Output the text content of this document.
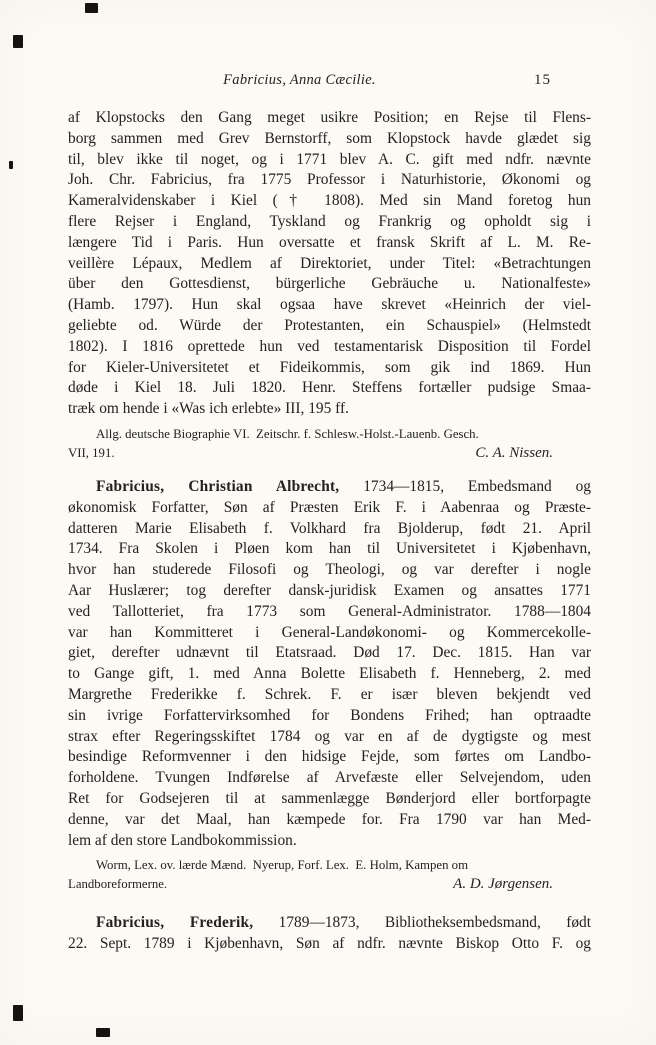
Fabricius, Anna Cæcilie.	15
af Klopstocks den Gang meget usikre Position; en Rejse til Flens-
borg sammen med Grev Bernstorff, som Klopstock havde glædet sig
til, blev ikke til noget, og i 1771 blev A. C. gift med ndfr. nævnte
Joh. Chr. Fabricius, fra 1775 Professor i Naturhistorie, Økonomi og
Kameralvidenskaber i Kiel († 1808). Med sin Mand foretog hun
flere Rejser i England, Tyskland og Frankrig og opholdt sig i
længere Tid i Paris. Hun oversatte et fransk Skrift af L. M. Re-
veillère Lépaux, Medlem af Direktoriet, under Titel: «Betrachtungen
über den Gottesdienst, bürgerliche Gebräuche u. Nationalfeste»
(Hamb. 1797). Hun skal ogsaa have skrevet «Heinrich der viel-
geliebte od. Würde der Protestanten, ein Schauspiel» (Helmstedt
1802). I 1816 oprettede hun ved testamentarisk Disposition til Fordel
for Kieler-Universitetet et Fideikommis, som gik ind 1869. Hun
døde i Kiel 18. Juli 1820. Henr. Steffens fortæller pudsige Smaa-
træk om hende i «Was ich erlebte» III, 195 ff.
Allg. deutsche Biographie VI.  Zeitschr. f. Schlesw.-Holst.-Lauenb. Gesch.
VII, 191.	C. A. Nissen.
Fabricius, Christian Albrecht, 1734—1815, Embedsmand og
økonomisk Forfatter, Søn af Præsten Erik F. i Aabenraa og Præste-
datteren Marie Elisabeth f. Volkhard fra Bjolderup, født 21. April
1734. Fra Skolen i Pløen kom han til Universitetet i Kjøbenhavn,
hvor han studerede Filosofi og Theologi, og var derefter i nogle
Aar Huslærer; tog derefter dansk-juridisk Examen og ansattes 1771
ved Tallotteriet, fra 1773 som General-Administrator. 1788—1804
var han Kommitteret i General-Landøkonomi- og Kommercekolle-
giet, derefter udnævnt til Etatsraad. Død 17. Dec. 1815. Han var
to Gange gift, 1. med Anna Bolette Elisabeth f. Henneberg, 2. med
Margrethe Frederikke f. Schrek. F. er især bleven bekjendt ved
sin ivrige Forfattervirksomhed for Bondens Frihed; han optraadte
strax efter Regeringsskiftet 1784 og var en af de dygtigste og mest
besindige Reformvenner i den hidsige Fejde, som førtes om Landbo-
forholdene. Tvungen Indførelse af Arvefæste eller Selvejendom, uden
Ret for Godsejeren til at sammenlægge Bønderjord eller bortforpagte
denne, var det Maal, han kæmpede for. Fra 1790 var han Med-
lem af den store Landbokommission.
Worm, Lex. ov. lærde Mænd.  Nyerup, Forf. Lex.  E. Holm, Kampen om
Landboreformerne.	A. D. Jørgensen.
Fabricius, Frederik, 1789—1873, Bibliotheksembedsmand, født
22. Sept. 1789 i Kjøbenhavn, Søn af ndfr. nævnte Biskop Otto F. og
